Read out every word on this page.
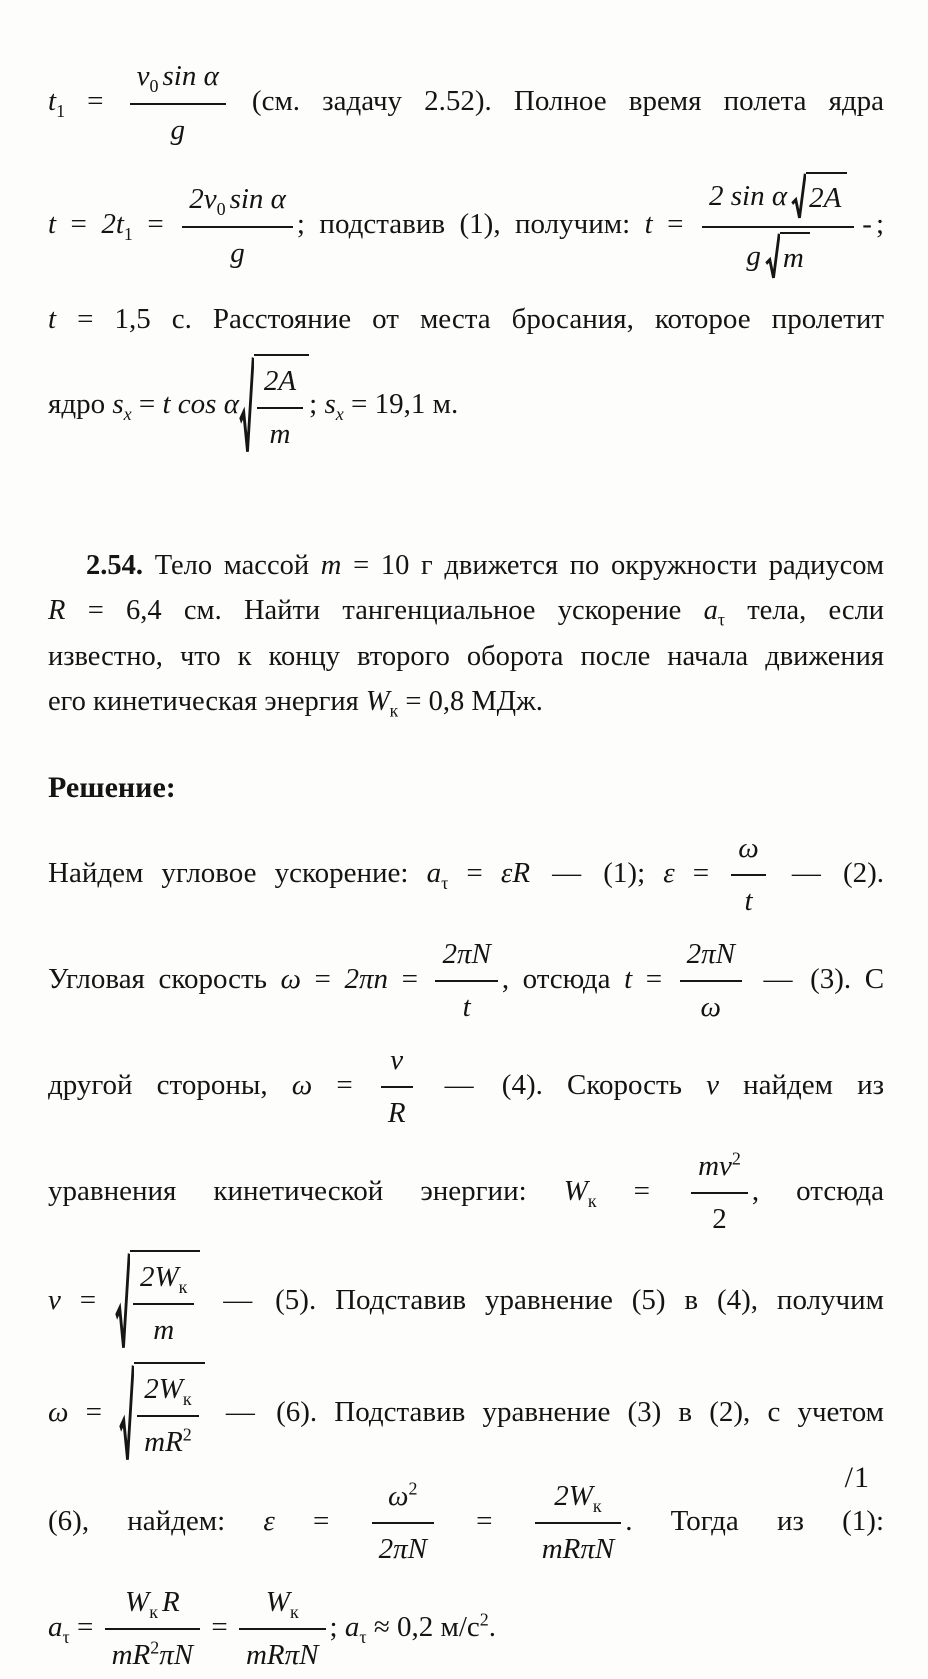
$t_1 = \frac{v_0 \sin \alpha}{g} (см$. задачу 2.52). Полное время полета ядра
$t = 2t_1 = \frac{2v_0 \sin \alpha}{g}$ ; подставив (1), получим: $t = \frac{\text{2 sin α 2A}}{\text{g m}}$ - ;
t = 1,5 с. Расстояние от места бросания, которое пролетит
ядро $s_x = t$ cos α $\frac{2A}{m}$ ; $s_x = 19,1$ м.
2.54. Тело массой m = 10 г движется по окружности радиусом
R = 6,4 см. Найти тангенциальное ускорение $a_\tau$ тела, если
известно, что к концу второго оборота после начала движения
его кинетическая энергия $W_к = 0,8$ МДж.
Решение:
Найдем угловое ускорение: $a_\tau = \varepsilon R$ — (1); $\varepsilon = \frac{\omega}{t}$ — (2).
Угловая скорость $\omega = 2\pi n = \frac{2\pi N}{t}$ , отсюда $t = \frac{2\pi N}{\omega}$ — (3). С
другой стороны, $\omega = \frac{v}{R}$ — (4). Скорость v найдем из
уравнения кинетической энергии: $W_к = \frac{mv^2}{2}$ , отсюда
v =
$2W_к$
m
— (5). Подставив уравнение (5) в (4), получим
ω =
$2W_к$
$mR^2$
— (6). Подставив уравнение (3) в (2), с учетом
(6), найдем: $\varepsilon = \frac{\omega^2}{2\pi N}$ =
$2W_к$
mRπN
. Тогда из (1):
$a_\tau$ =
$W_к$ R
$mR^2\pi N$
=
$W_к$
mRπN
; $a_\tau \approx 0,2$ $м/с^2$.
/1
